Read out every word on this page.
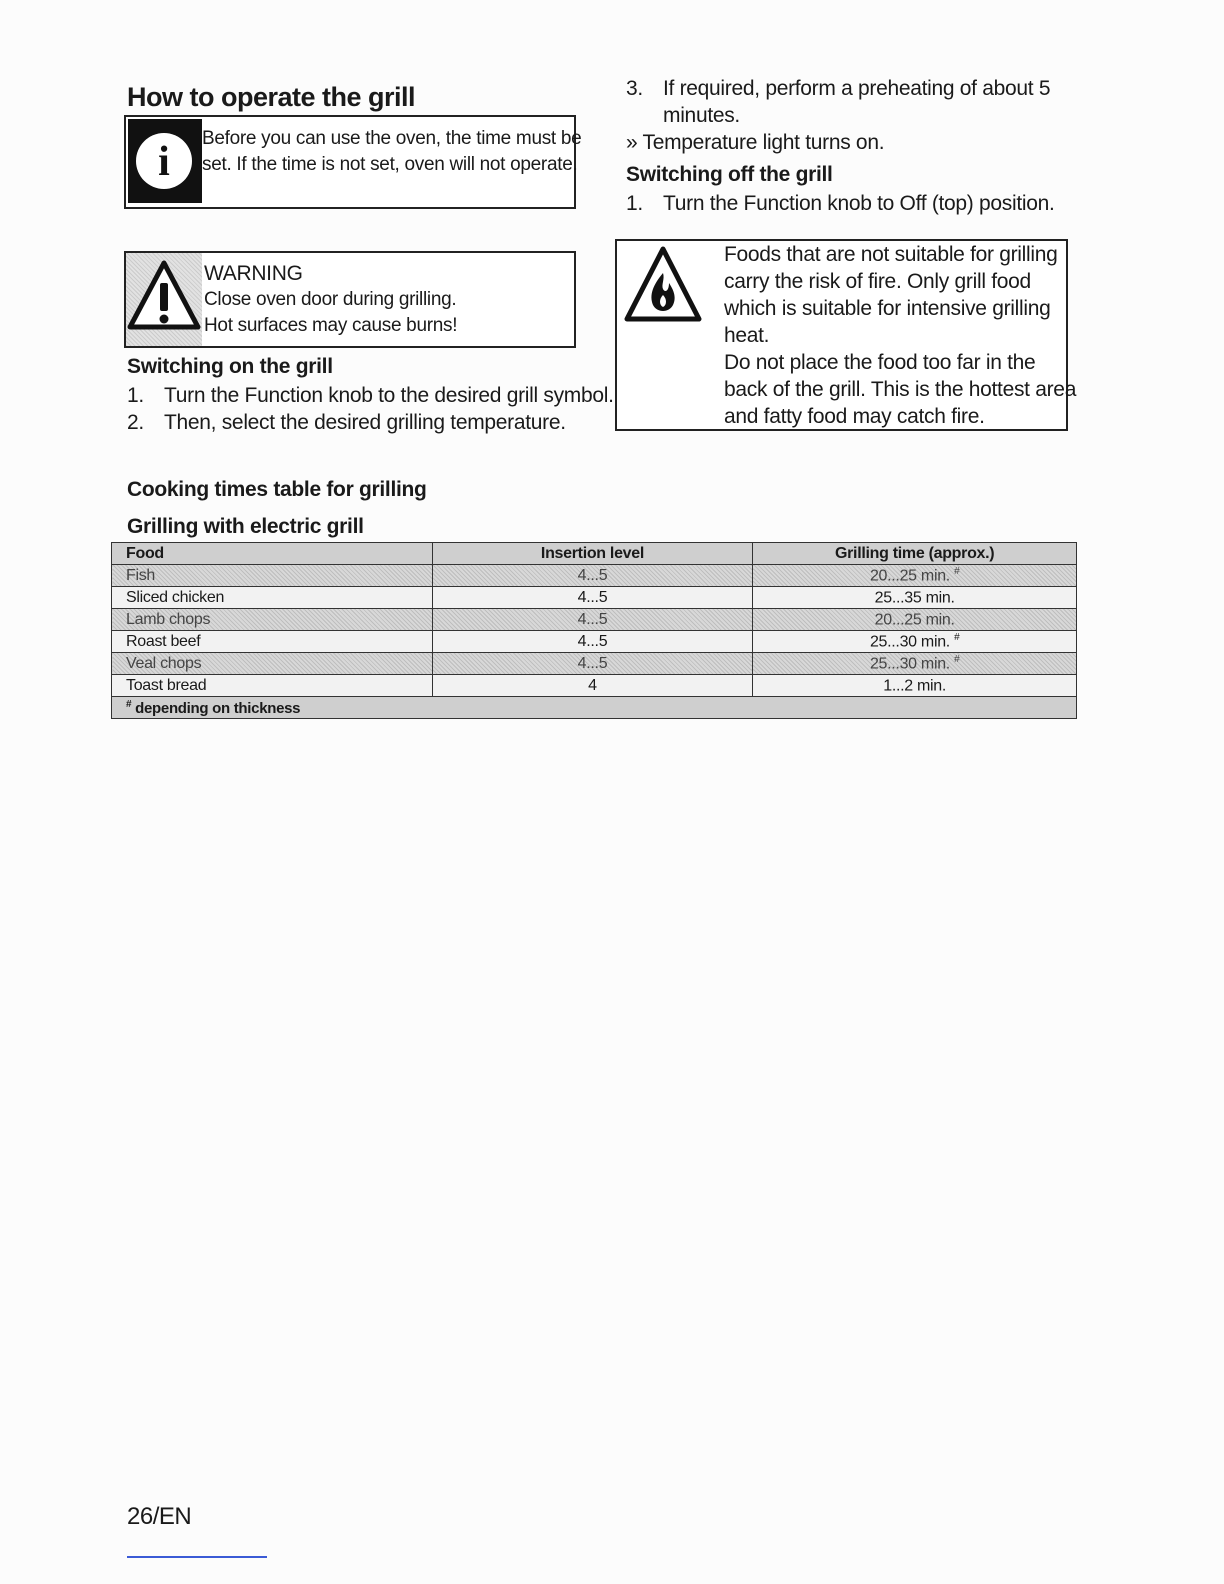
How to operate the grill
i
Before you can use the oven, the time must be
set. If the time is not set, oven will not operate.
WARNING
Close oven door during grilling.
Hot surfaces may cause burns!
Switching on the grill
1. Turn the Function knob to the desired grill symbol.
2. Then, select the desired grilling temperature.
3. If required, perform a preheating of about 5
minutes.
» Temperature light turns on.
Switching off the grill
1. Turn the Function knob to Off (top) position.
Foods that are not suitable for grilling
carry the risk of fire. Only grill food
which is suitable for intensive grilling
heat.
Do not place the food too far in the
back of the grill. This is the hottest area
and fatty food may catch fire.
Cooking times table for grilling
Grilling with electric grill
Food	Insertion level	Grilling time (approx.)
Fish	4...5	20...25 min. #
Sliced chicken	4...5	25...35 min.
Lamb chops	4...5	20...25 min.
Roast beef	4...5	25...30 min. #
Veal chops	4...5	25...30 min. #
Toast bread	4	1...2 min.
# depending on thickness		
26/EN
